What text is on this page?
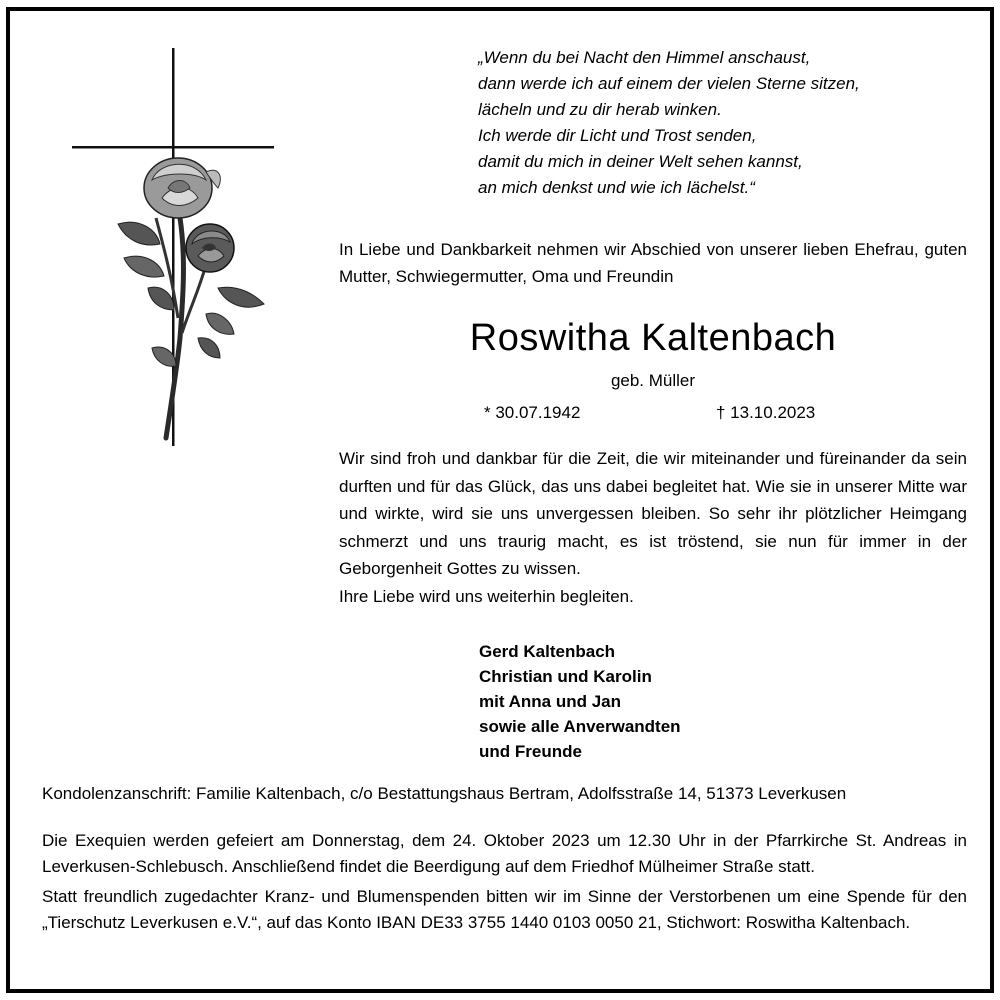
„Wenn du bei Nacht den Himmel anschaust,
dann werde ich auf einem der vielen Sterne sitzen,
lächeln und zu dir herab winken.
Ich werde dir Licht und Trost senden,
damit du mich in deiner Welt sehen kannst,
an mich denkst und wie ich lächelst.“
In Liebe und Dankbarkeit nehmen wir Abschied von unserer lieben Ehefrau, guten Mutter, Schwiegermutter, Oma und Freundin
Roswitha Kaltenbach
geb. Müller
* 30.07.1942	† 13.10.2023

Wir sind froh und dankbar für die Zeit, die wir miteinander und füreinander da sein durften und für das Glück, das uns dabei begleitet hat. Wie sie in unserer Mitte war und wirkte, wird sie uns unvergessen bleiben. So sehr ihr plötzlicher Heimgang schmerzt und uns traurig macht, es ist tröstend, sie nun für immer in der Geborgenheit Gottes zu wissen.

Ihre Liebe wird uns weiterhin begleiten.

Gerd Kaltenbach
Christian und Karolin
mit Anna und Jan
sowie alle Anverwandten
und Freunde
Kondolenzanschrift: Familie Kaltenbach, c/o Bestattungshaus Bertram, Adolfsstraße 14, 51373 Leverkusen

Die Exequien werden gefeiert am Donnerstag, dem 24. Oktober 2023 um 12.30 Uhr in der Pfarrkirche St. Andreas in Leverkusen-Schlebusch. Anschließend findet die Beerdigung auf dem Friedhof Mülheimer Straße statt.

Statt freundlich zugedachter Kranz- und Blumenspenden bitten wir im Sinne der Verstorbenen um eine Spende für den „Tierschutz Leverkusen e.V.“, auf das Konto IBAN DE33 3755 1440 0103 0050 21, Stichwort: Roswitha Kaltenbach.
